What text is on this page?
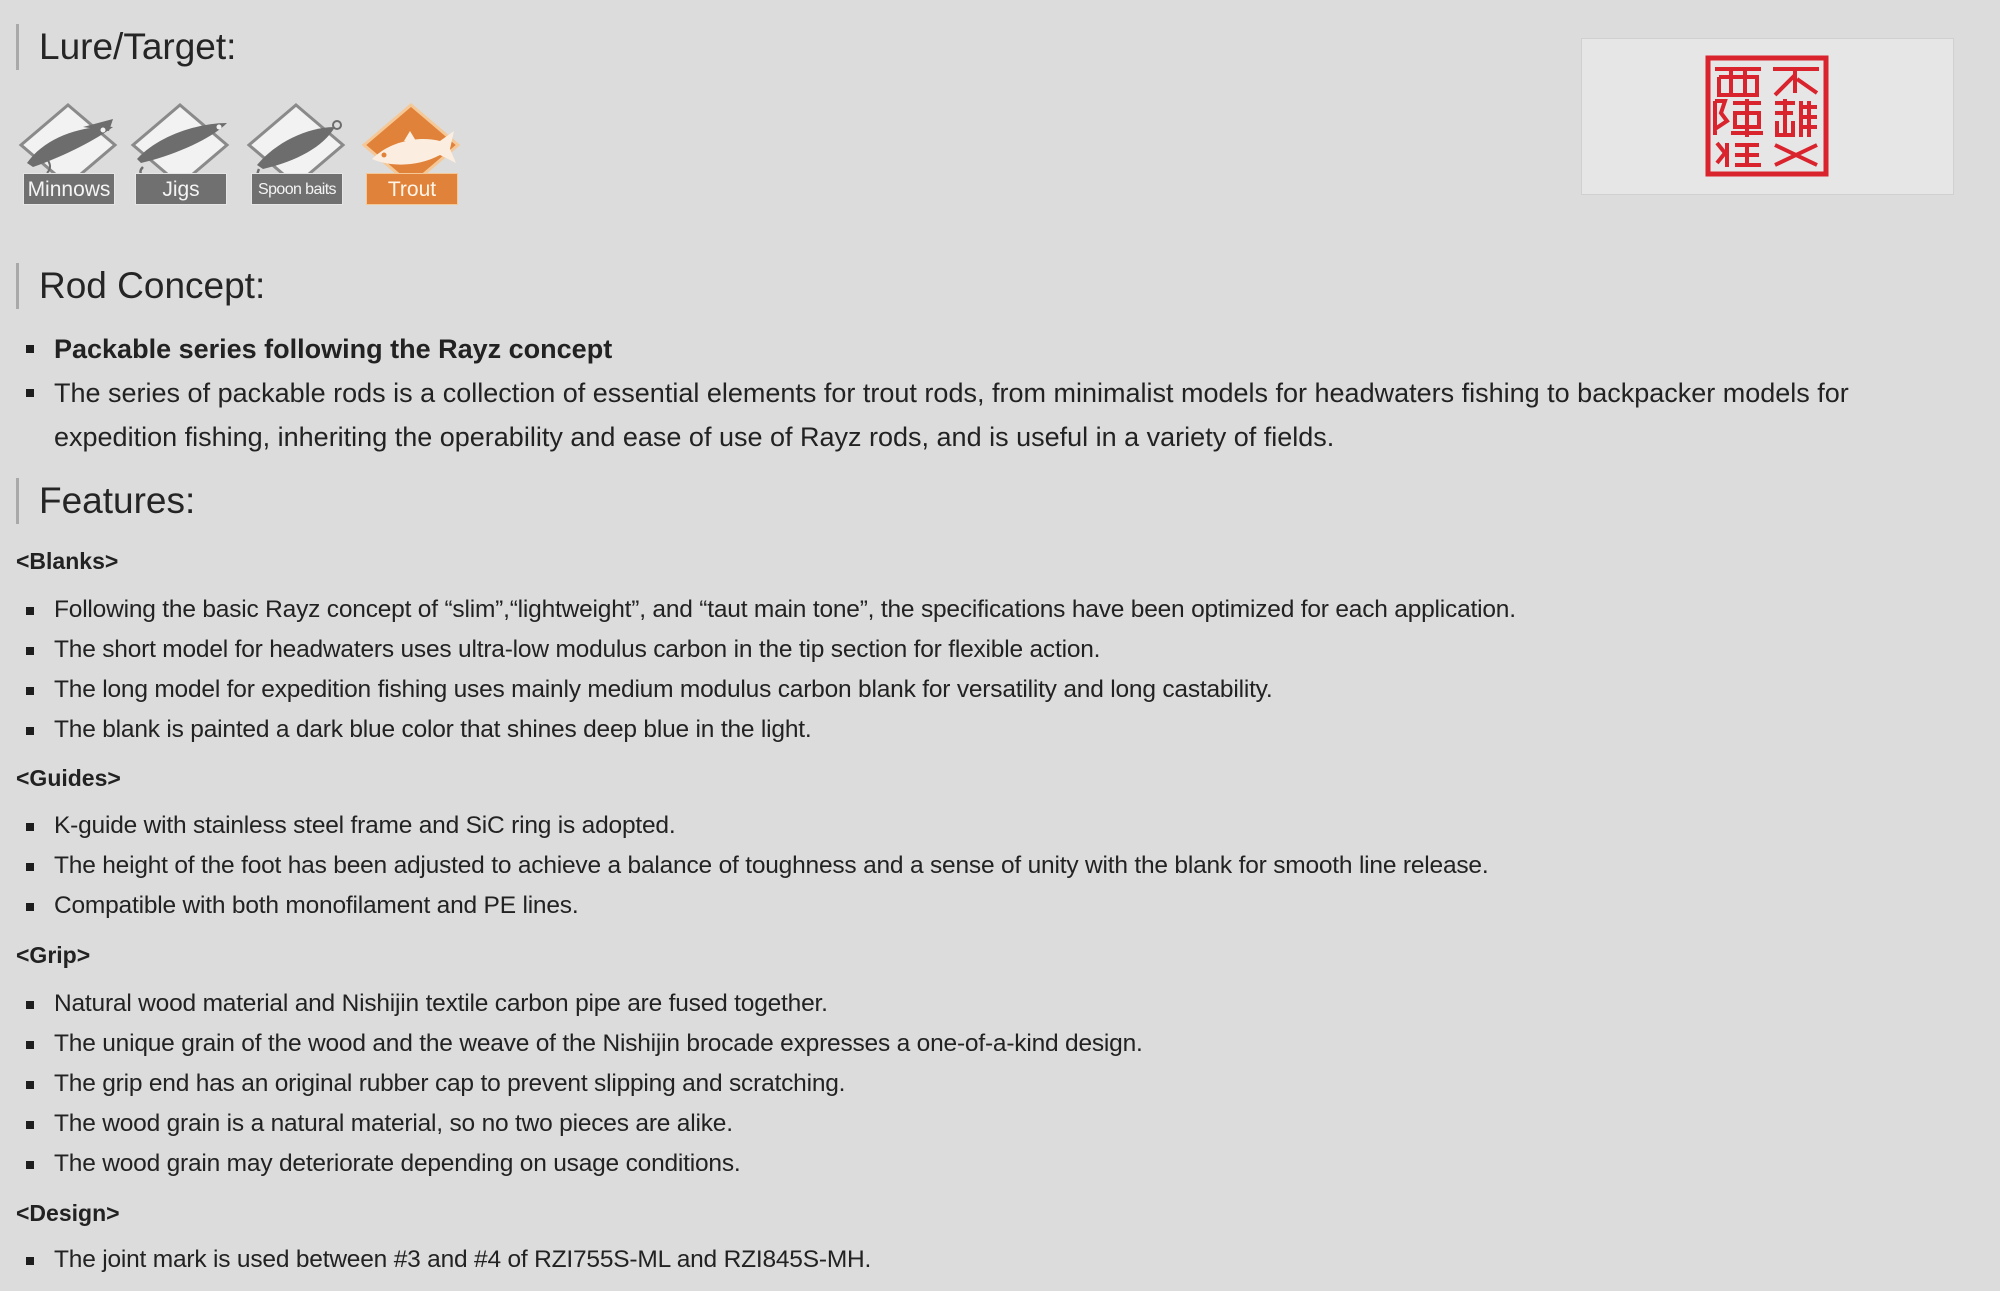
Lure/Target:
Minnows	Jigs	Spoon baits	Trout
Rod Concept:
Packable series following the Rayz concept
The series of packable rods is a collection of essential elements for trout rods, from minimalist models for headwaters fishing to backpacker models for expedition fishing, inheriting the operability and ease of use of Rayz rods, and is useful in a variety of fields.
Features:
<Blanks>
Following the basic Rayz concept of “slim”,“lightweight”, and “taut main tone”, the specifications have been optimized for each application.
The short model for headwaters uses ultra-low modulus carbon in the tip section for flexible action.
The long model for expedition fishing uses mainly medium modulus carbon blank for versatility and long castability.
The blank is painted a dark blue color that shines deep blue in the light.
<Guides>
K-guide with stainless steel frame and SiC ring is adopted.
The height of the foot has been adjusted to achieve a balance of toughness and a sense of unity with the blank for smooth line release.
Compatible with both monofilament and PE lines.
<Grip>
Natural wood material and Nishijin textile carbon pipe are fused together.
The unique grain of the wood and the weave of the Nishijin brocade expresses a one-of-a-kind design.
The grip end has an original rubber cap to prevent slipping and scratching.
The wood grain is a natural material, so no two pieces are alike.
The wood grain may deteriorate depending on usage conditions.
<Design>
The joint mark is used between #3 and #4 of RZI755S-ML and RZI845S-MH.
